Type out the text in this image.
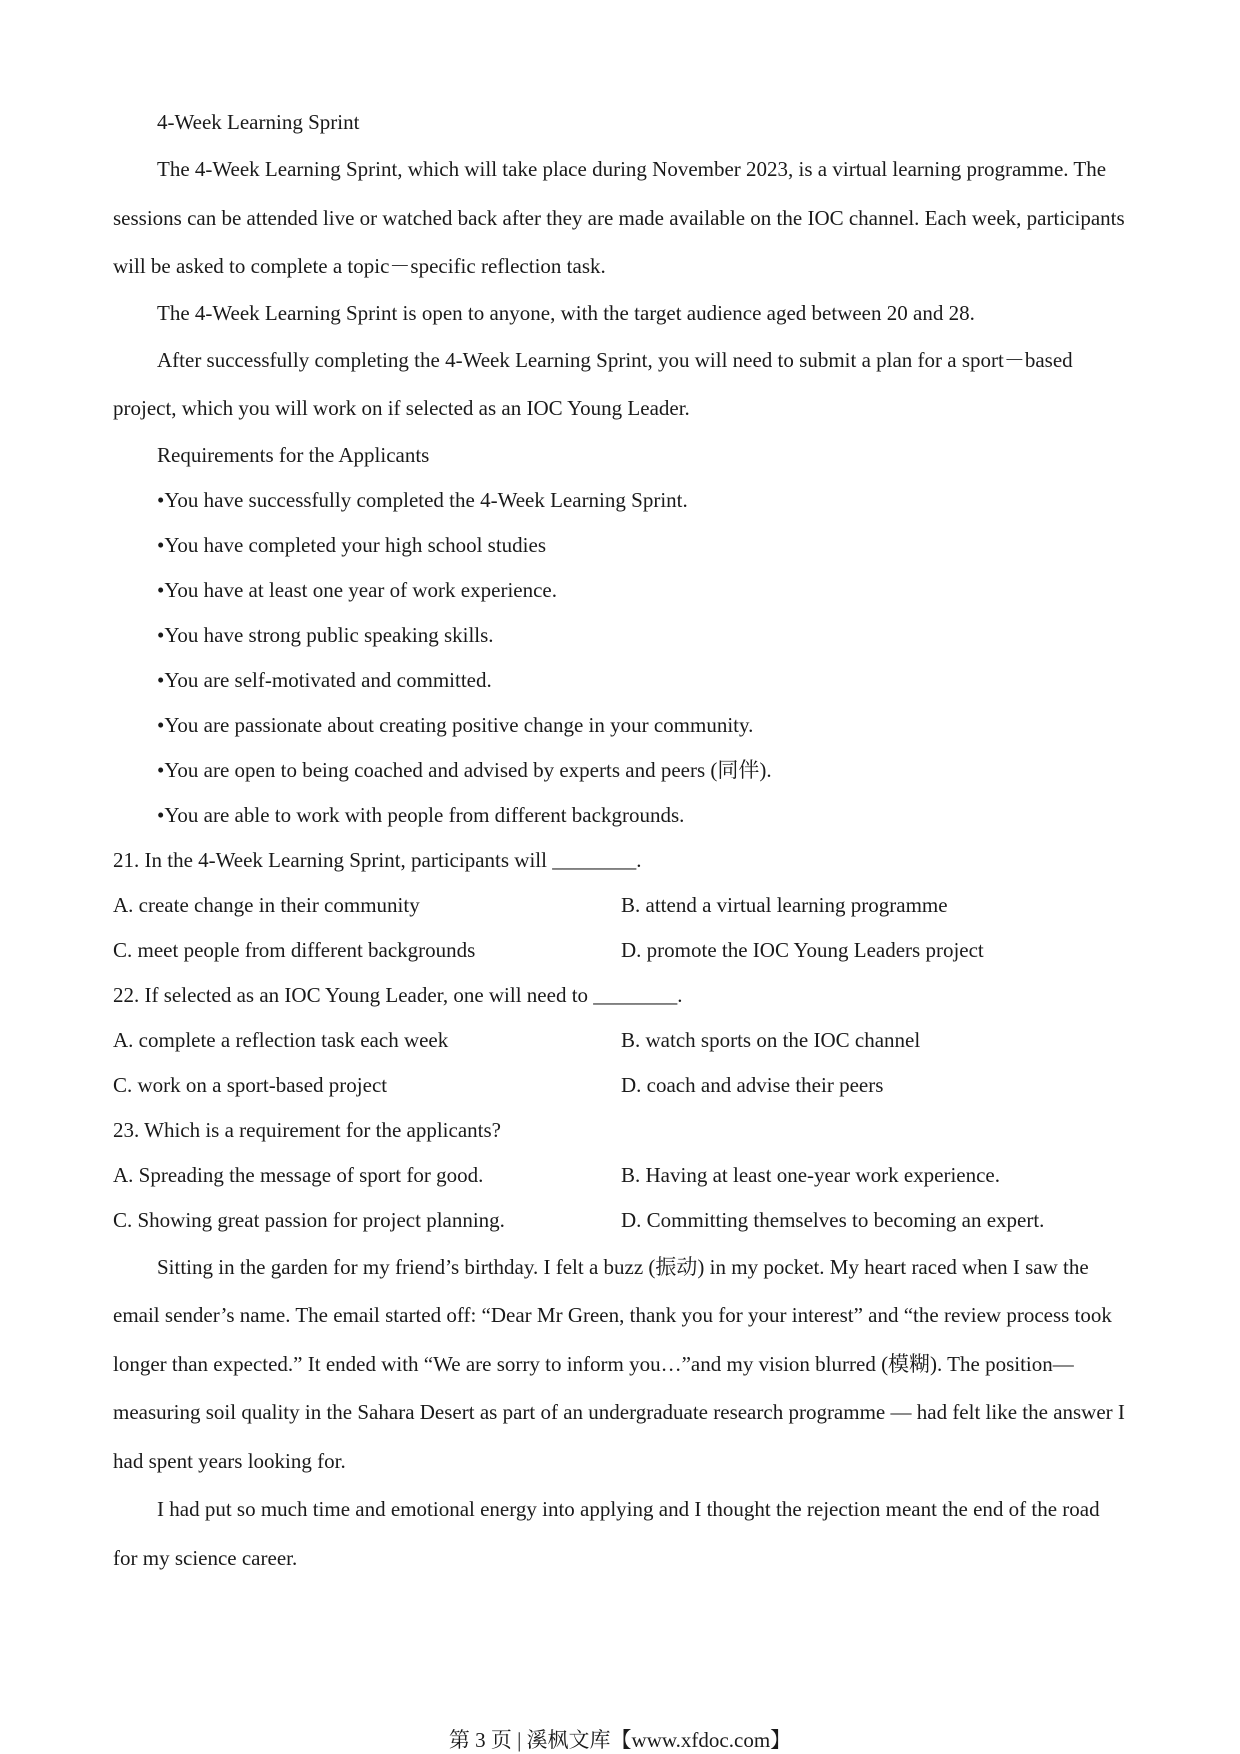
4-Week Learning Sprint

The 4-Week Learning Sprint, which will take place during November 2023, is a virtual learning programme. The sessions can be attended live or watched back after they are made available on the IOC channel. Each week, participants will be asked to complete a topic－specific reflection task.

The 4-Week Learning Sprint is open to anyone, with the target audience aged between 20 and 28.

After successfully completing the 4-Week Learning Sprint, you will need to submit a plan for a sport－based project, which you will work on if selected as an IOC Young Leader.

Requirements for the Applicants

•You have successfully completed the 4-Week Learning Sprint.

•You have completed your high school studies

•You have at least one year of work experience.

•You have strong public speaking skills.

•You are self-motivated and committed.

•You are passionate about creating positive change in your community.

•You are open to being coached and advised by experts and peers (同伴).

•You are able to work with people from different backgrounds.

21. In the 4-Week Learning Sprint, participants will ________.

A. create change in their community	B. attend a virtual learning programme
C. meet people from different backgrounds	D. promote the IOC Young Leaders project

22. If selected as an IOC Young Leader, one will need to ________.

A. complete a reflection task each week	B. watch sports on the IOC channel
C. work on a sport-based project	D. coach and advise their peers

23. Which is a requirement for the applicants?

A. Spreading the message of sport for good.	B. Having at least one-year work experience.
C. Showing great passion for project planning.	D. Committing themselves to becoming an expert.

Sitting in the garden for my friend’s birthday. I felt a buzz (振动) in my pocket. My heart raced when I saw the email sender’s name. The email started off: “Dear Mr Green, thank you for your interest” and “the review process took longer than expected.” It ended with “We are sorry to inform you…”and my vision blurred (模糊). The position—measuring soil quality in the Sahara Desert as part of an undergraduate research programme — had felt like the answer I had spent years looking for.

I had put so much time and emotional energy into applying and I thought the rejection meant the end of the road for my science career.

第 3 页 | 溪枫文库【www.xfdoc.com】
